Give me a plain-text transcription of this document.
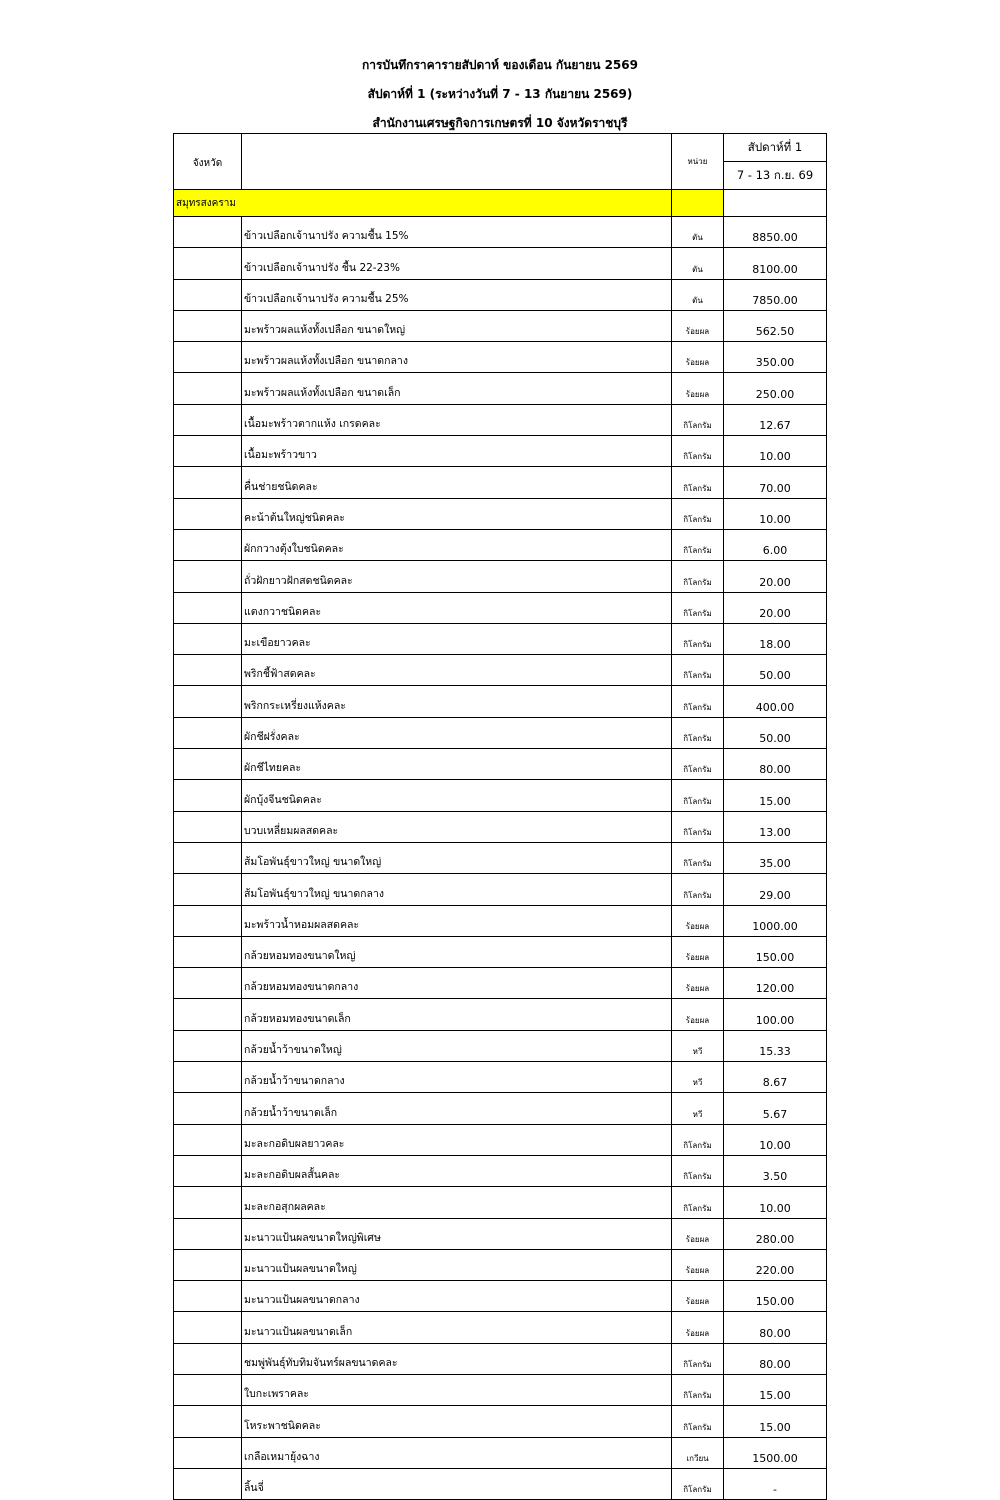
การบันทึกราคารายสัปดาห์ ของเดือน กันยายน 2569
สัปดาห์ที่ 1 (ระหว่างวันที่ 7 - 13 กันยายน 2569)
สำนักงานเศรษฐกิจการเกษตรที่ 10 จังหวัดราชบุรี
จังหวัด		หน่วย	สัปดาห์ที่ 1
			7 - 13 ก.ย. 69
สมุทรสงคราม			
	ข้าวเปลือกเจ้านาปรัง ความชื้น 15%	ตัน	8850.00
	ข้าวเปลือกเจ้านาปรัง ชื้น 22-23%	ตัน	8100.00
	ข้าวเปลือกเจ้านาปรัง ความชื้น 25%	ตัน	7850.00
	มะพร้าวผลแห้งทั้งเปลือก ขนาดใหญ่	ร้อยผล	562.50
	มะพร้าวผลแห้งทั้งเปลือก ขนาดกลาง	ร้อยผล	350.00
	มะพร้าวผลแห้งทั้งเปลือก ขนาดเล็ก	ร้อยผล	250.00
	เนื้อมะพร้าวตากแห้ง เกรดคละ	กิโลกรัม	12.67
	เนื้อมะพร้าวขาว	กิโลกรัม	10.00
	คื่นช่ายชนิดคละ	กิโลกรัม	70.00
	คะน้าต้นใหญ่ชนิดคละ	กิโลกรัม	10.00
	ผักกวางตุ้งใบชนิดคละ	กิโลกรัม	6.00
	ถั่วฝักยาวฝักสดชนิดคละ	กิโลกรัม	20.00
	แตงกวาชนิดคละ	กิโลกรัม	20.00
	มะเขือยาวคละ	กิโลกรัม	18.00
	พริกชี้ฟ้าสดคละ	กิโลกรัม	50.00
	พริกกระเหรี่ยงแห้งคละ	กิโลกรัม	400.00
	ผักชีฝรั่งคละ	กิโลกรัม	50.00
	ผักชีไทยคละ	กิโลกรัม	80.00
	ผักบุ้งจีนชนิดคละ	กิโลกรัม	15.00
	บวบเหลี่ยมผลสดคละ	กิโลกรัม	13.00
	ส้มโอพันธุ์ขาวใหญ่ ขนาดใหญ่	กิโลกรัม	35.00
	ส้มโอพันธุ์ขาวใหญ่ ขนาดกลาง	กิโลกรัม	29.00
	มะพร้าวน้ำหอมผลสดคละ	ร้อยผล	1000.00
	กล้วยหอมทองขนาดใหญ่	ร้อยผล	150.00
	กล้วยหอมทองขนาดกลาง	ร้อยผล	120.00
	กล้วยหอมทองขนาดเล็ก	ร้อยผล	100.00
	กล้วยน้ำว้าขนาดใหญ่	หวี	15.33
	กล้วยน้ำว้าขนาดกลาง	หวี	8.67
	กล้วยน้ำว้าขนาดเล็ก	หวี	5.67
	มะละกอดิบผลยาวคละ	กิโลกรัม	10.00
	มะละกอดิบผลสั้นคละ	กิโลกรัม	3.50
	มะละกอสุกผลคละ	กิโลกรัม	10.00
	มะนาวแป้นผลขนาดใหญ่พิเศษ	ร้อยผล	280.00
	มะนาวแป้นผลขนาดใหญ่	ร้อยผล	220.00
	มะนาวแป้นผลขนาดกลาง	ร้อยผล	150.00
	มะนาวแป้นผลขนาดเล็ก	ร้อยผล	80.00
	ชมพู่พันธุ์ทับทิมจันทร์ผลขนาดคละ	กิโลกรัม	80.00
	ใบกะเพราคละ	กิโลกรัม	15.00
	โหระพาชนิดคละ	กิโลกรัม	15.00
	เกลือเหมายุ้งฉาง	เกวียน	1500.00
	ลิ้นจี่	กิโลกรัม	-
